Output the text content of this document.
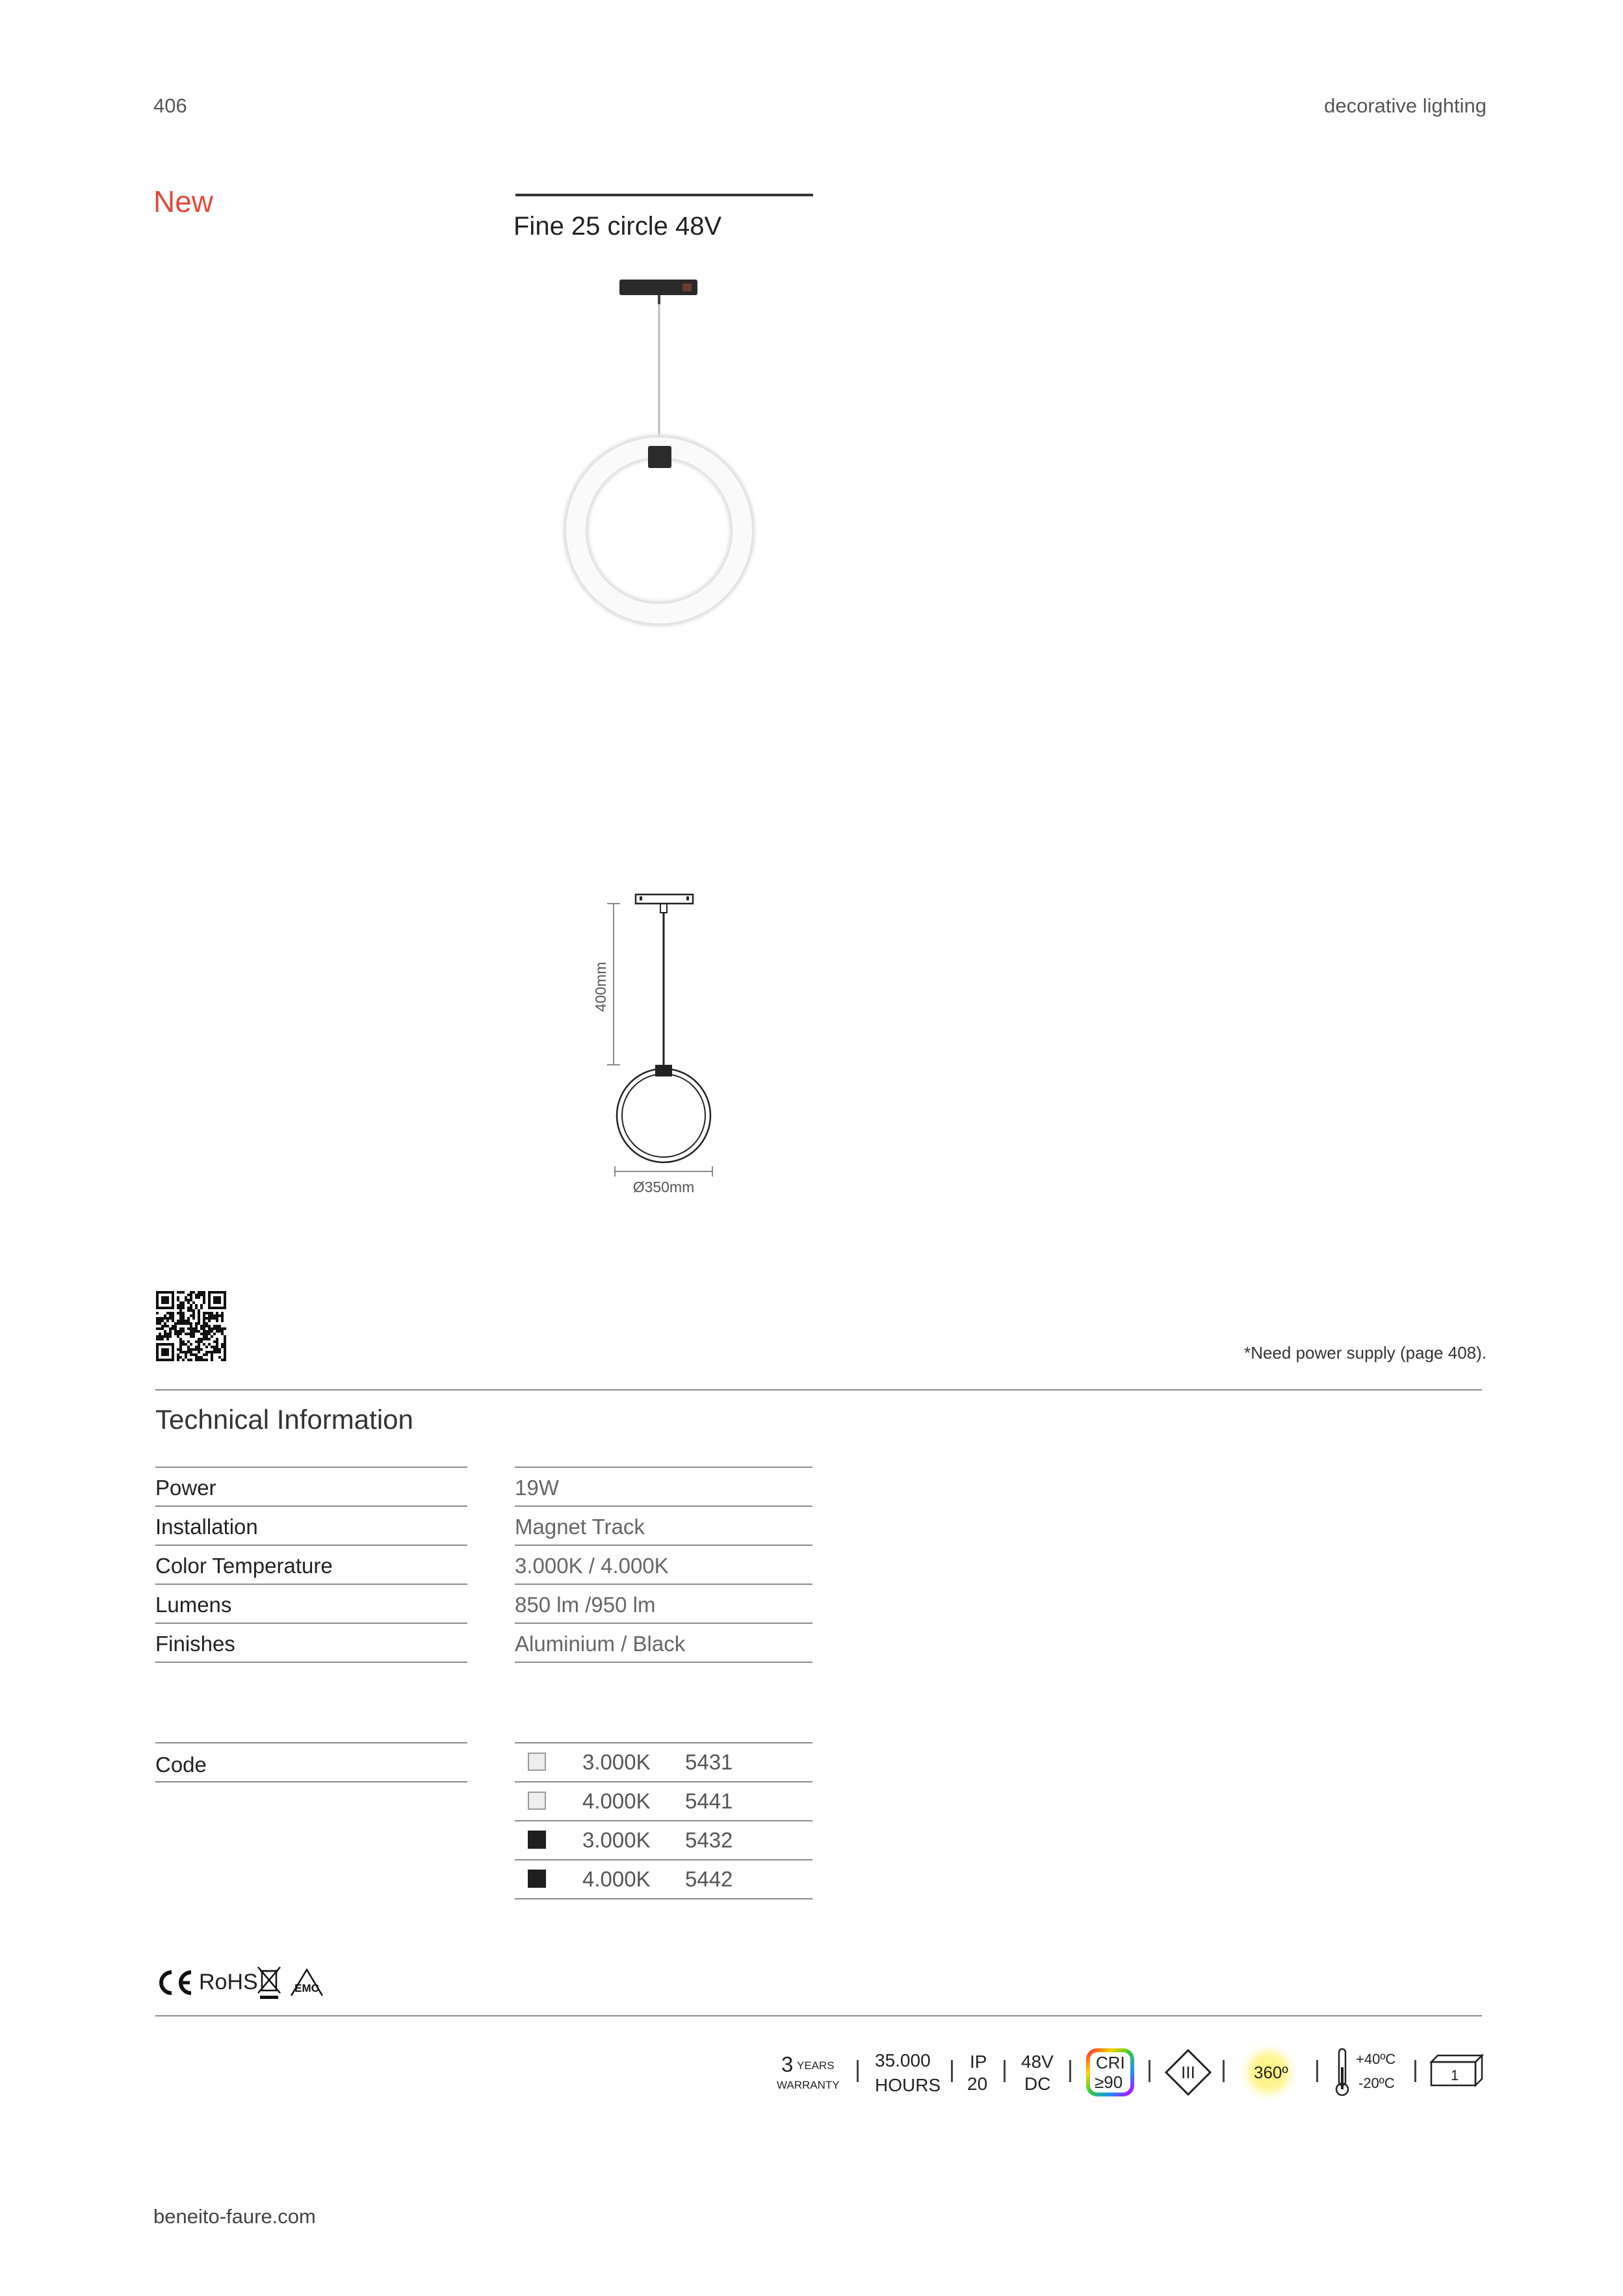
406	decorative lighting
New
Fine 25 circle 48V
400mm
Ø350mm
*Need power supply (page 408).
Technical Information
Power	19W
Installation	Magnet Track
Color Temperature	3.000K / 4.000K
Lumens	850 lm /950 lm
Finishes	Aluminium / Black
Code	3.000K 5431
4.000K 5441
3.000K 5432
4.000K 5442
RoHS	EMC
3 YEARS
WARRANTY
35.000
HOURS
IP
20
48V
DC
CRI
≥90	III	360º
+40ºC
-20ºC	1
beneito-faure.com
